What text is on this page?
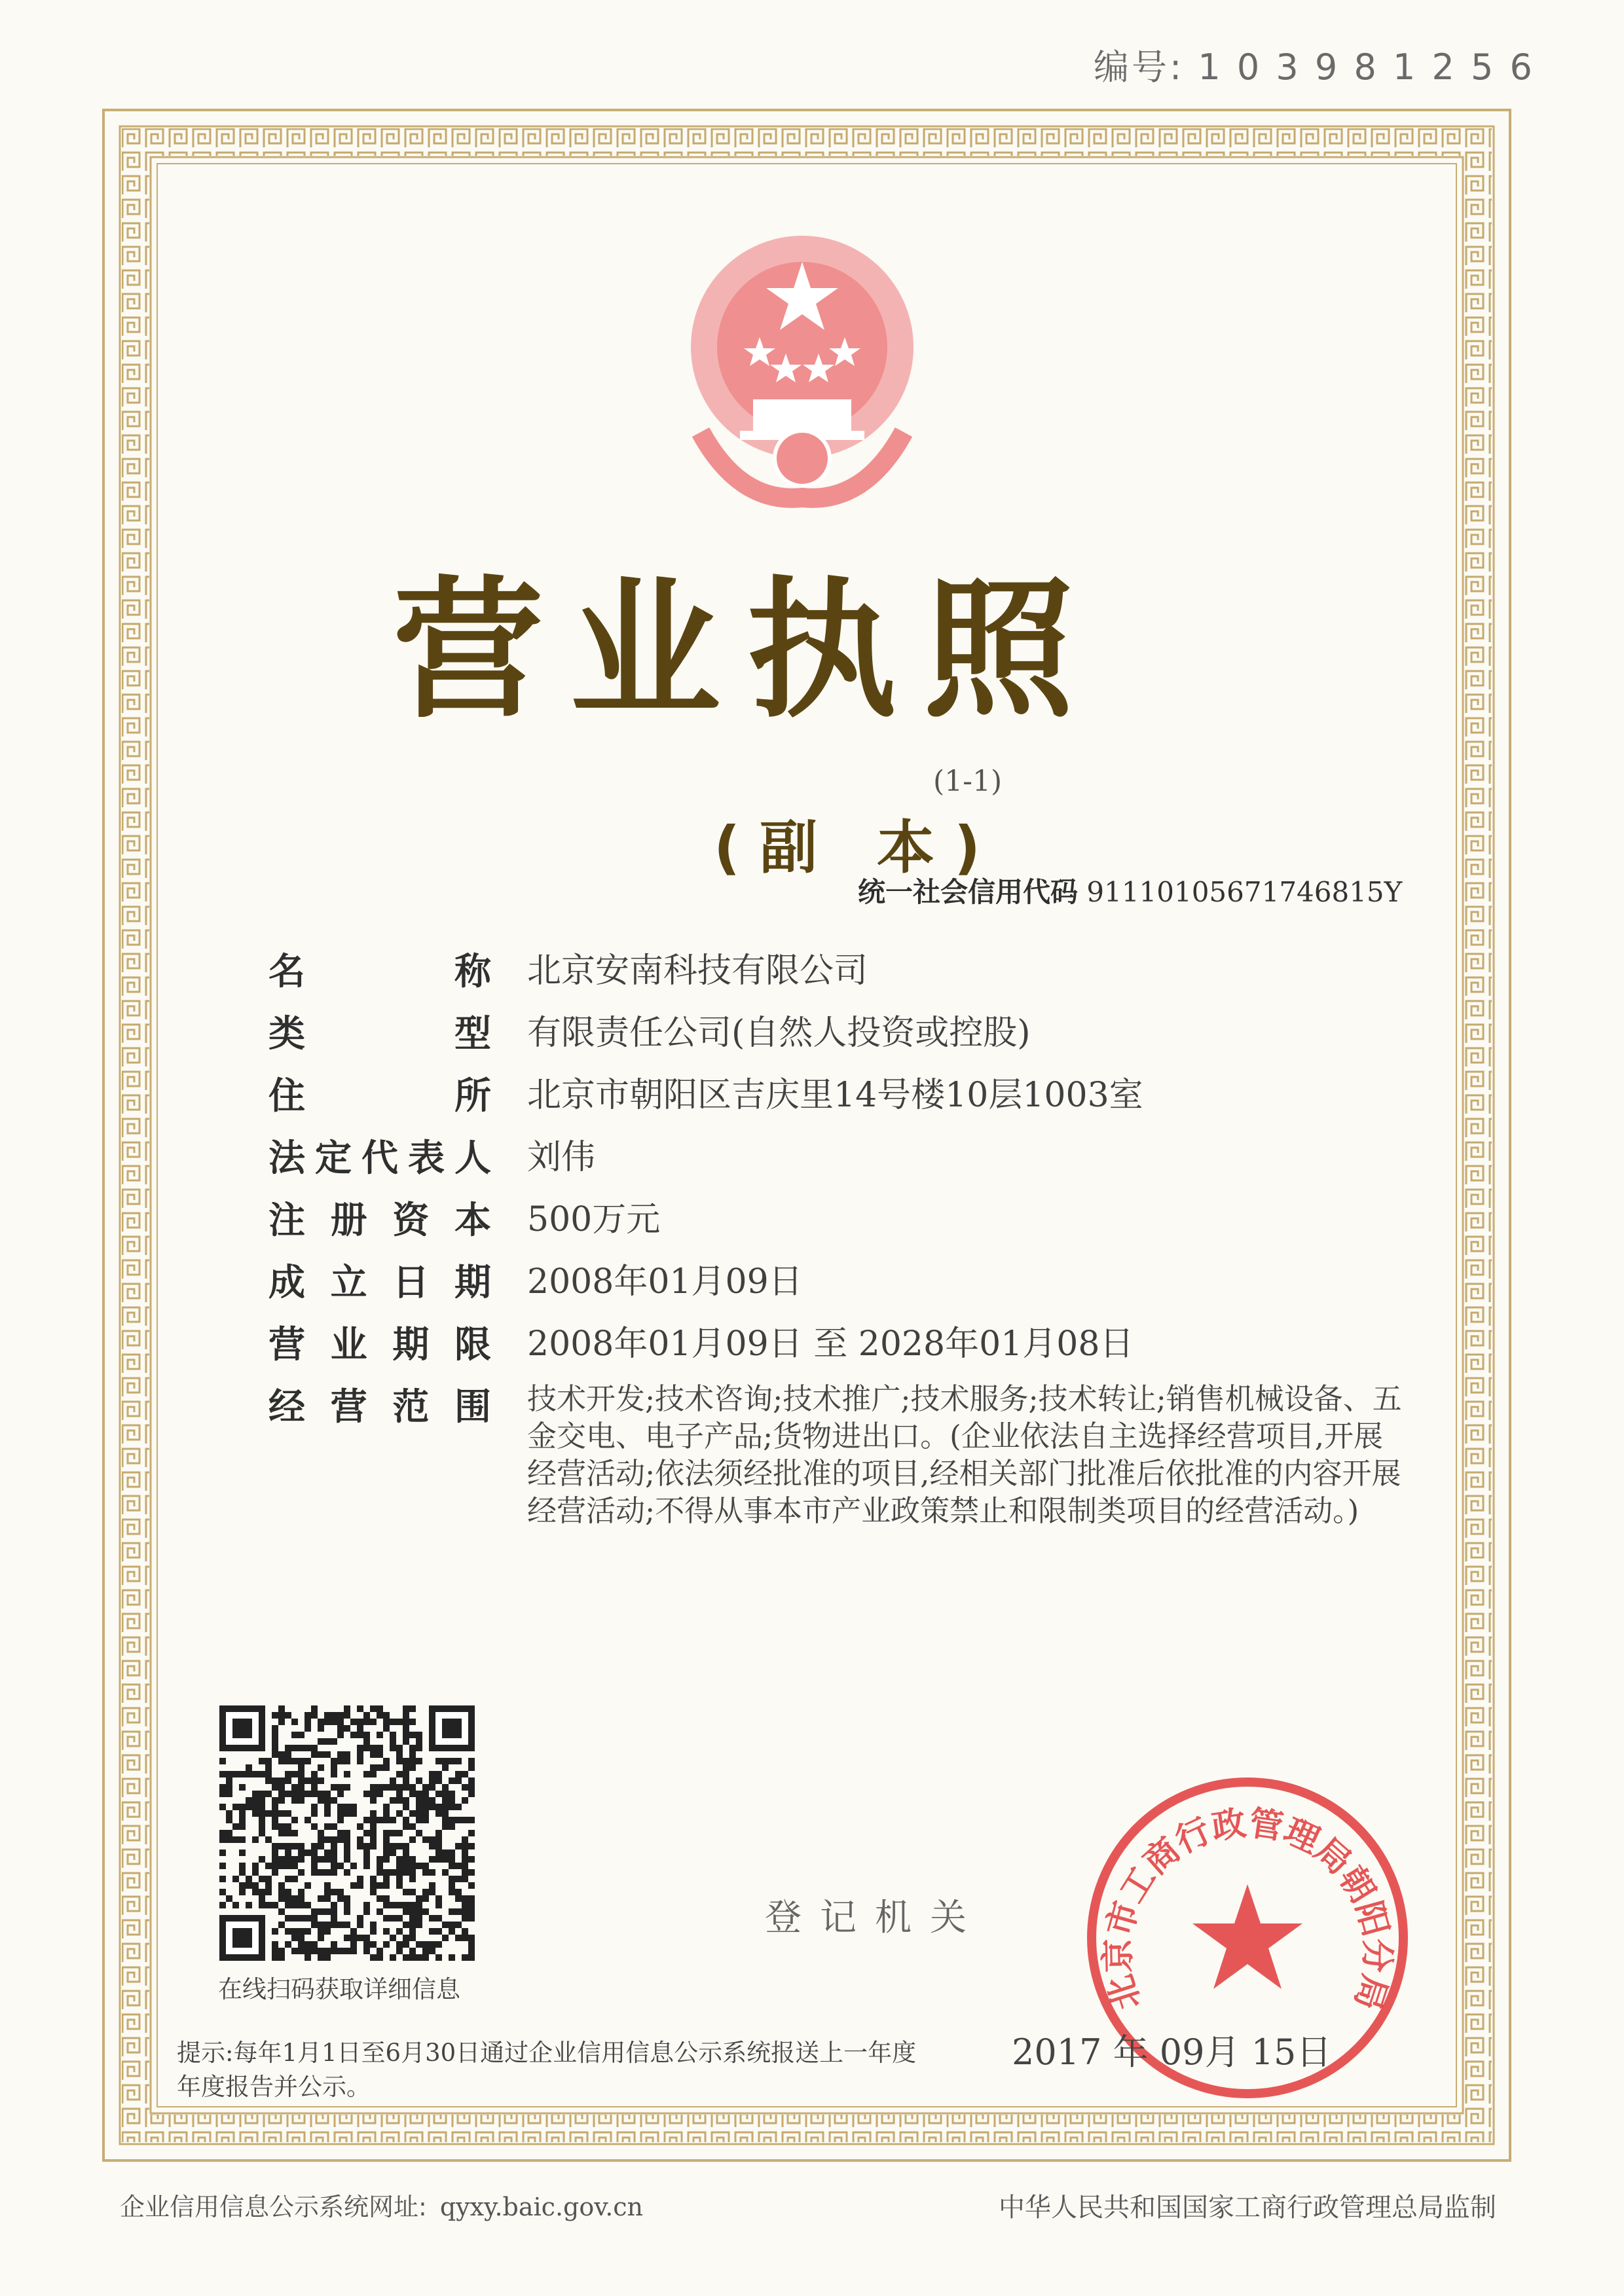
编号: 1 0 3 9 8 1 2 5 6
营业执照
(1-1)
(副 本)
统一社会信用代码 91110105671746815Y
名称 北京安南科技有限公司
类型 有限责任公司(自然人投资或控股)
住所 北京市朝阳区吉庆里14号楼10层1003室
法定代表人 刘伟
注册资本 500万元
成立日期 2008年01月09日
营业期限 2008年01月09日 至 2028年01月08日
经营范围 技术开发;技术咨询;技术推广;技术服务;技术转让;销售机械设备、五金交电、电子产品;货物进出口。(企业依法自主选择经营项目,开展经营活动;依法须经批准的项目,经相关部门批准后依批准的内容开展经营活动;不得从事本市产业政策禁止和限制类项目的经营活动。)
在线扫码获取详细信息
登记机关
北京市工商行政管理局朝阳分局
2017 年 09月 15日
提示:每年1月1日至6月30日通过企业信用信息公示系统报送上一年度年度报告并公示。
企业信用信息公示系统网址: qyxy.baic.gov.cn	中华人民共和国国家工商行政管理总局监制
